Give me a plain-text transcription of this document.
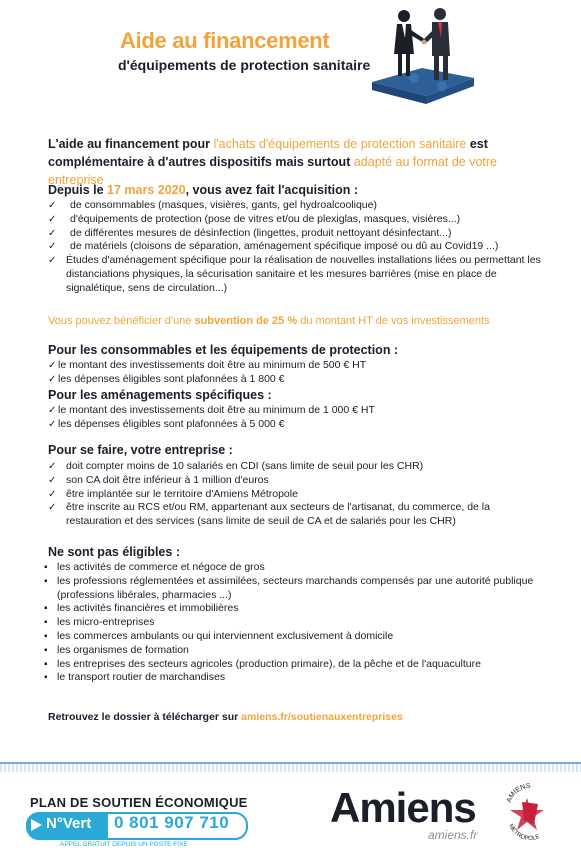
Aide au financement
d'équipements de protection sanitaire
L'aide au financement pour l'achats d'équipements de protection sanitaire est complémentaire à d'autres dispositifs mais surtout adapté au format de votre entreprise
Depuis le 17 mars 2020, vous avez fait l'acquisition :
✓	de consommables (masques, visières, gants, gel hydroalcoolique)
✓	d'équipements de protection (pose de vitres et/ou de plexiglas, masques, visières...)
✓	de différentes mesures de désinfection (lingettes, produit nettoyant désinfectant...)
✓	de matériels (cloisons de séparation, aménagement spécifique imposé ou dû au Covid19 ...)
✓ Études d'aménagement spécifique pour la réalisation de nouvelles installations liées ou permettant les distanciations physiques, la sécurisation sanitaire et les mesures barrières (mise en place de signalétique, sens de circulation...)
Vous pouvez bénéficier d'une subvention de 25 % du montant HT de vos investissements
Pour les consommables et les équipements de protection :
✓ le montant des investissements doit être au minimum de 500 € HT
✓ les dépenses éligibles sont plafonnées à 1 800 €
Pour les aménagements spécifiques :
✓ le montant des investissements doit être au minimum de 1 000 € HT
✓ les dépenses éligibles sont plafonnées à 5 000 €
Pour se faire, votre entreprise :
✓ doit compter moins de 10 salariés en CDI (sans limite de seuil pour les CHR)
✓ son CA doit être inférieur à 1 million d'euros
✓ être implantée sur le territoire d'Amiens Métropole
✓ être inscrite au RCS et/ou RM, appartenant aux secteurs de l'artisanat, du commerce, de la restauration et des services (sans limite de seuil de CA et de salariés pour les CHR)
Ne sont pas éligibles :
▪ les activités de commerce et négoce de gros
▪ les professions réglementées et assimilées, secteurs marchands compensés par une autorité publique (professions libérales, pharmacies ...)
▪ les activités financières et immobilières
▪ les micro-entreprises
▪ les commerces ambulants ou qui interviennent exclusivement à domicile
▪ les organismes de formation
▪ les entreprises des secteurs agricoles (production primaire), de la pêche et de l'aquaculture
▪ le transport routier de marchandises
Retrouvez le dossier à télécharger sur amiens.fr/soutienauxentreprises
PLAN DE SOUTIEN ÉCONOMIQUE
N°Vert 0 801 907 710
APPEL GRATUIT DEPUIS UN POSTE FIXE
Amiens
amiens.fr
AMIENS
MÉTROPOLE
